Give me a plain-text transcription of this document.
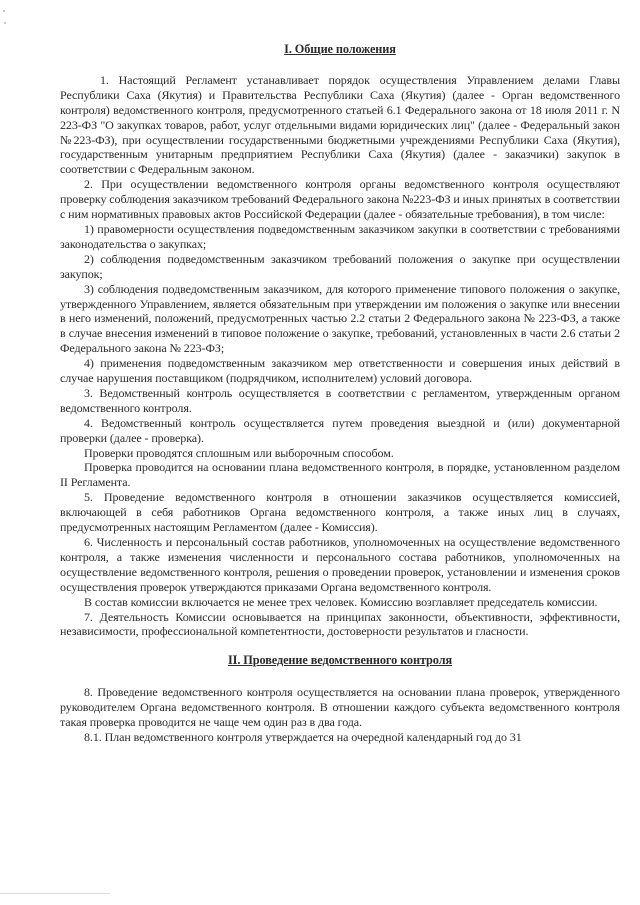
I. Общие положения

1. Настоящий Регламент устанавливает порядок осуществления Управлением делами Главы Республики Саха (Якутия) и Правительства Республики Саха (Якутия) (далее - Орган ведомственного контроля) ведомственного контроля, предусмотренного статьей 6.1 Федерального закона от 18 июля 2011 г. N 223-ФЗ "О закупках товаров, работ, услуг отдельными видами юридических лиц" (далее - Федеральный закон №223-ФЗ), при осуществлении государственными бюджетными учреждениями Республики Саха (Якутия), государственным унитарным предприятием Республики Саха (Якутия) (далее - заказчики) закупок в соответствии с Федеральным законом.

2. При осуществлении ведомственного контроля органы ведомственного контроля осуществляют проверку соблюдения заказчиком требований Федерального закона №223-ФЗ и иных принятых в соответствии с ним нормативных правовых актов Российской Федерации (далее - обязательные требования), в том числе:

1) правомерности осуществления подведомственным заказчиком закупки в соответствии с требованиями законодательства о закупках;

2) соблюдения подведомственным заказчиком требований положения о закупке при осуществлении закупок;

3) соблюдения подведомственным заказчиком, для которого применение типового положения о закупке, утвержденного Управлением, является обязательным при утверждении им положения о закупке или внесении в него изменений, положений, предусмотренных частью 2.2 статьи 2 Федерального закона № 223-ФЗ, а также в случае внесения изменений в типовое положение о закупке, требований, установленных в части 2.6 статьи 2 Федерального закона № 223-ФЗ;

4) применения подведомственным заказчиком мер ответственности и совершения иных действий в случае нарушения поставщиком (подрядчиком, исполнителем) условий договора.

3. Ведомственный контроль осуществляется в соответствии с регламентом, утвержденным органом ведомственного контроля.

4. Ведомственный контроль осуществляется путем проведения выездной и (или) документарной проверки (далее - проверка).

Проверки проводятся сплошным или выборочным способом.

Проверка проводится на основании плана ведомственного контроля, в порядке, установленном разделом II Регламента.

5. Проведение ведомственного контроля в отношении заказчиков осуществляется комиссией, включающей в себя работников Органа ведомственного контроля, а также иных лиц в случаях, предусмотренных настоящим Регламентом (далее - Комиссия).

6. Численность и персональный состав работников, уполномоченных на осуществление ведомственного контроля, а также изменения численности и персонального состава работников, уполномоченных на осуществление ведомственного контроля, решения о проведении проверок, установлении и изменения сроков осуществления проверок утверждаются приказами Органа ведомственного контроля.

В состав комиссии включается не менее трех человек. Комиссию возглавляет председатель комиссии.

7. Деятельность Комиссии основывается на принципах законности, объективности, эффективности, независимости, профессиональной компетентности, достоверности результатов и гласности.

II. Проведение ведомственного контроля

8. Проведение ведомственного контроля осуществляется на основании плана проверок, утвержденного руководителем Органа ведомственного контроля. В отношении каждого субъекта ведомственного контроля такая проверка проводится не чаще чем один раз в два года.

8.1. План ведомственного контроля утверждается на очередной календарный год до 31
